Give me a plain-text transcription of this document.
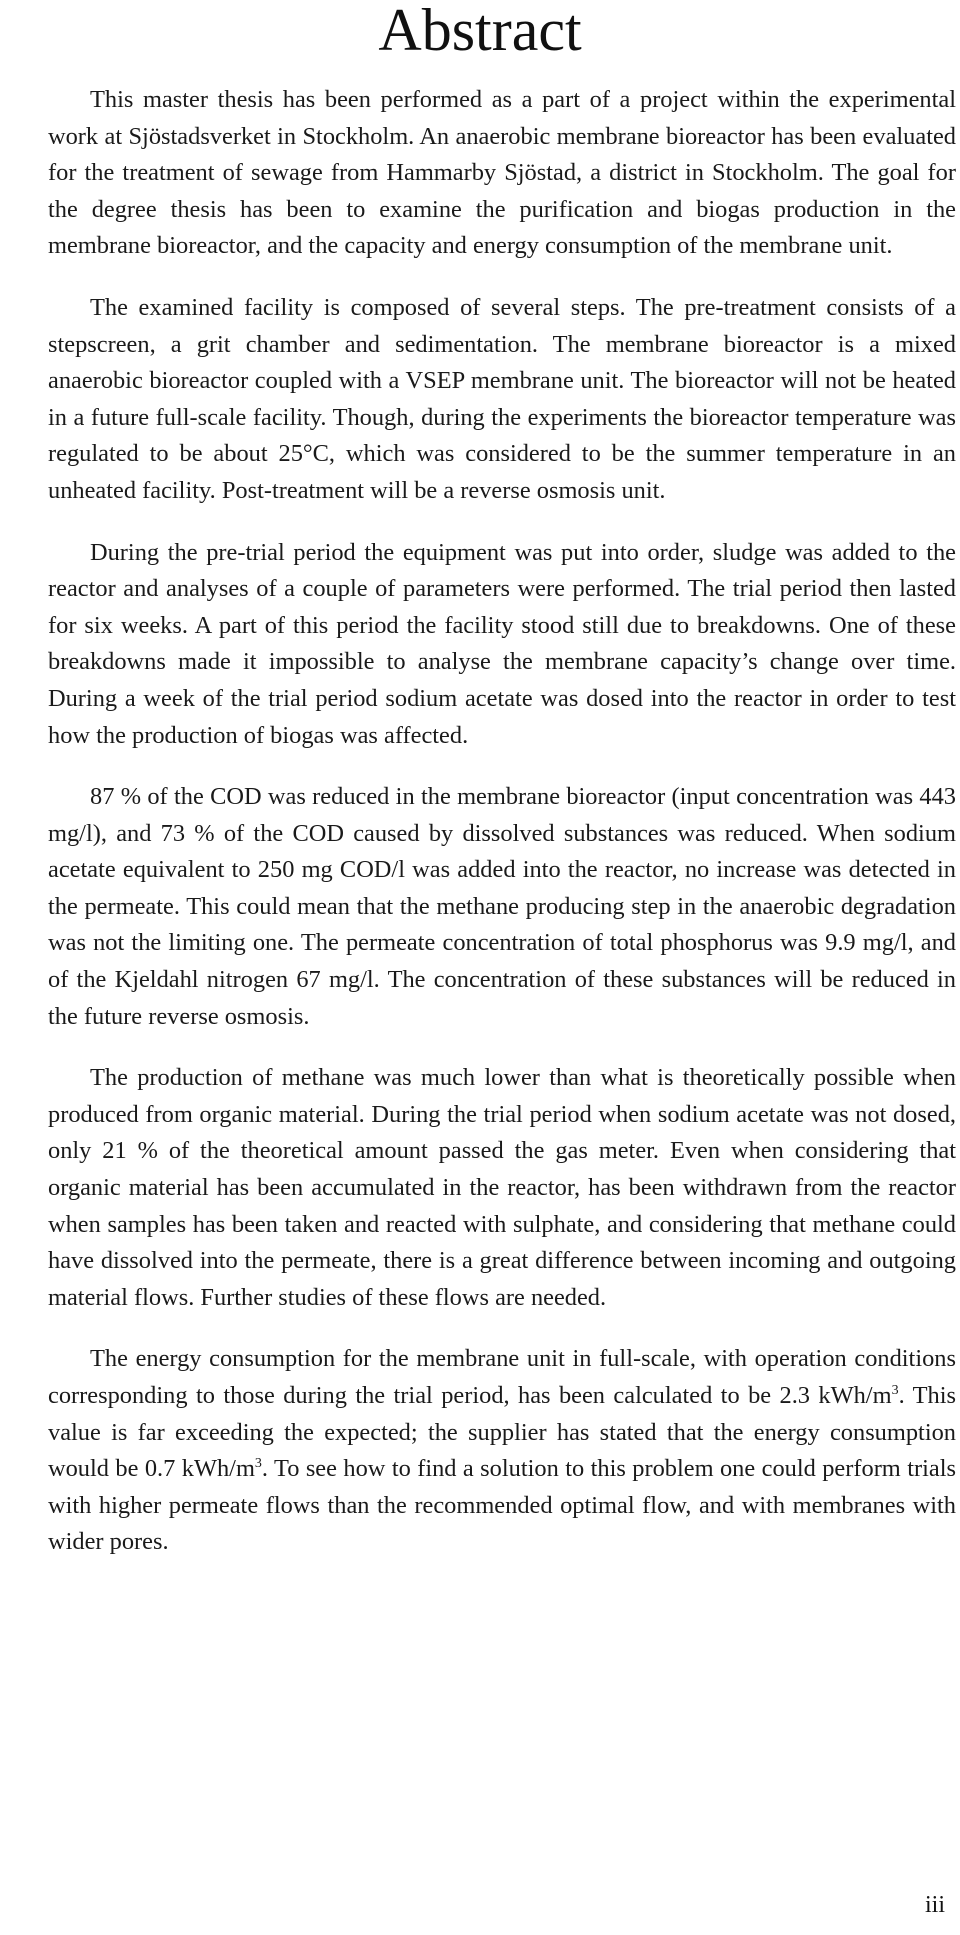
Abstract

This master thesis has been performed as a part of a project within the experimental work at Sjöstadsverket in Stockholm. An anaerobic membrane bioreactor has been evaluated for the treatment of sewage from Hammarby Sjöstad, a district in Stockholm. The goal for the degree thesis has been to examine the purification and biogas production in the membrane bioreactor, and the capacity and energy consumption of the membrane unit.

The examined facility is composed of several steps. The pre-treatment consists of a stepscreen, a grit chamber and sedimentation. The membrane bioreactor is a mixed anaerobic bioreactor coupled with a VSEP membrane unit. The bioreactor will not be heated in a future full-scale facility. Though, during the experiments the bioreactor temperature was regulated to be about 25°C, which was considered to be the summer temperature in an unheated facility. Post-treatment will be a reverse osmosis unit.

During the pre-trial period the equipment was put into order, sludge was added to the reactor and analyses of a couple of parameters were performed. The trial period then lasted for six weeks. A part of this period the facility stood still due to breakdowns. One of these breakdowns made it impossible to analyse the membrane capacity’s change over time. During a week of the trial period sodium acetate was dosed into the reactor in order to test how the production of biogas was affected.

87 % of the COD was reduced in the membrane bioreactor (input concentration was 443 mg/l), and 73 % of the COD caused by dissolved substances was reduced. When sodium acetate equivalent to 250 mg COD/l was added into the reactor, no increase was detected in the permeate. This could mean that the methane producing step in the anaerobic degradation was not the limiting one. The permeate concentration of total phosphorus was 9.9 mg/l, and of the Kjeldahl nitrogen 67 mg/l. The concentration of these substances will be reduced in the future reverse osmosis.

The production of methane was much lower than what is theoretically possible when produced from organic material. During the trial period when sodium acetate was not dosed, only 21 % of the theoretical amount passed the gas meter. Even when considering that organic material has been accumulated in the reactor, has been withdrawn from the reactor when samples has been taken and reacted with sulphate, and considering that methane could have dissolved into the permeate, there is a great difference between incoming and outgoing material flows. Further studies of these flows are needed.

The energy consumption for the membrane unit in full-scale, with operation conditions corresponding to those during the trial period, has been calculated to be 2.3 kWh/$m^3$. This value is far exceeding the expected; the supplier has stated that the energy consumption would be 0.7 kWh/$m^3$. To see how to find a solution to this problem one could perform trials with higher permeate flows than the recommended optimal flow, and with membranes with wider pores.

iii
